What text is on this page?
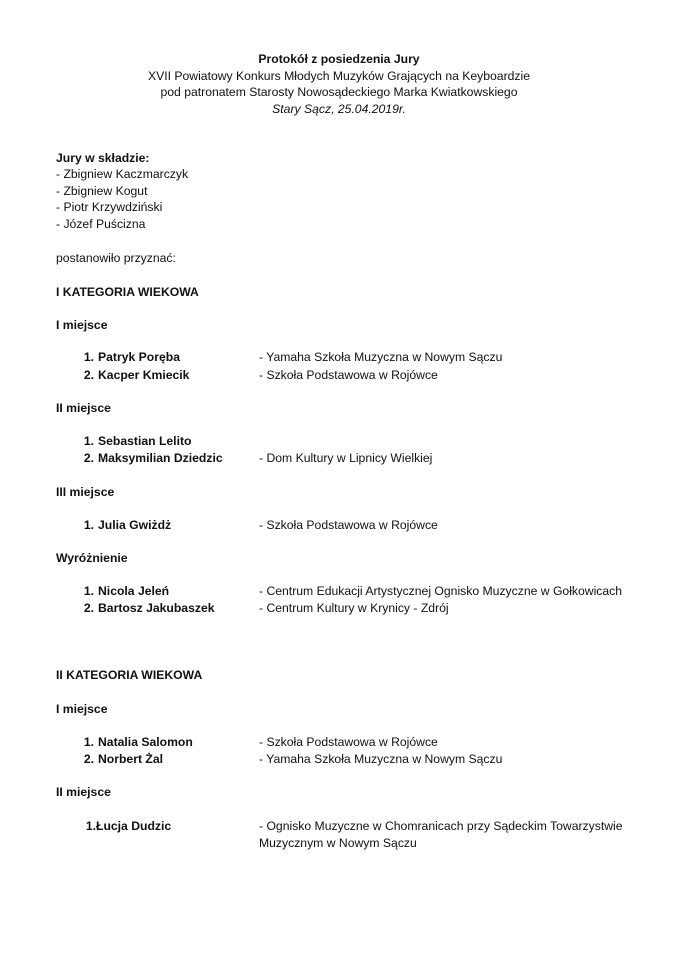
Protokół z posiedzenia Jury
XVII Powiatowy Konkurs Młodych Muzyków Grających na Keyboardzie
pod patronatem Starosty Nowosądeckiego Marka Kwiatkowskiego
Stary Sącz, 25.04.2019r.
Jury w składzie:
- Zbigniew Kaczmarczyk
- Zbigniew Kogut
- Piotr Krzywdziński
- Józef Puścizna
postanowiło przyznać:
I KATEGORIA WIEKOWA
I miejsce
1. Patryk Poręba	- Yamaha Szkoła Muzyczna w Nowym Sączu
2. Kacper Kmiecik	- Szkoła Podstawowa w Rojówce
II miejsce
1. Sebastian Lelito
2. Maksymilian Dziedzic	- Dom Kultury w Lipnicy Wielkiej
III miejsce
1. Julia Gwiżdż	- Szkoła Podstawowa w Rojówce
Wyróżnienie
1. Nicola Jeleń	- Centrum Edukacji Artystycznej Ognisko Muzyczne w Gołkowicach
2. Bartosz Jakubaszek	- Centrum Kultury w Krynicy - Zdrój
II KATEGORIA WIEKOWA
I miejsce
1. Natalia Salomon	- Szkoła Podstawowa w Rojówce
2. Norbert Żal	- Yamaha Szkoła Muzyczna w Nowym Sączu
II miejsce
1. Łucja Dudzic	- Ognisko Muzyczne w Chomranicach przy Sądeckim Towarzystwie Muzycznym w Nowym Sączu
